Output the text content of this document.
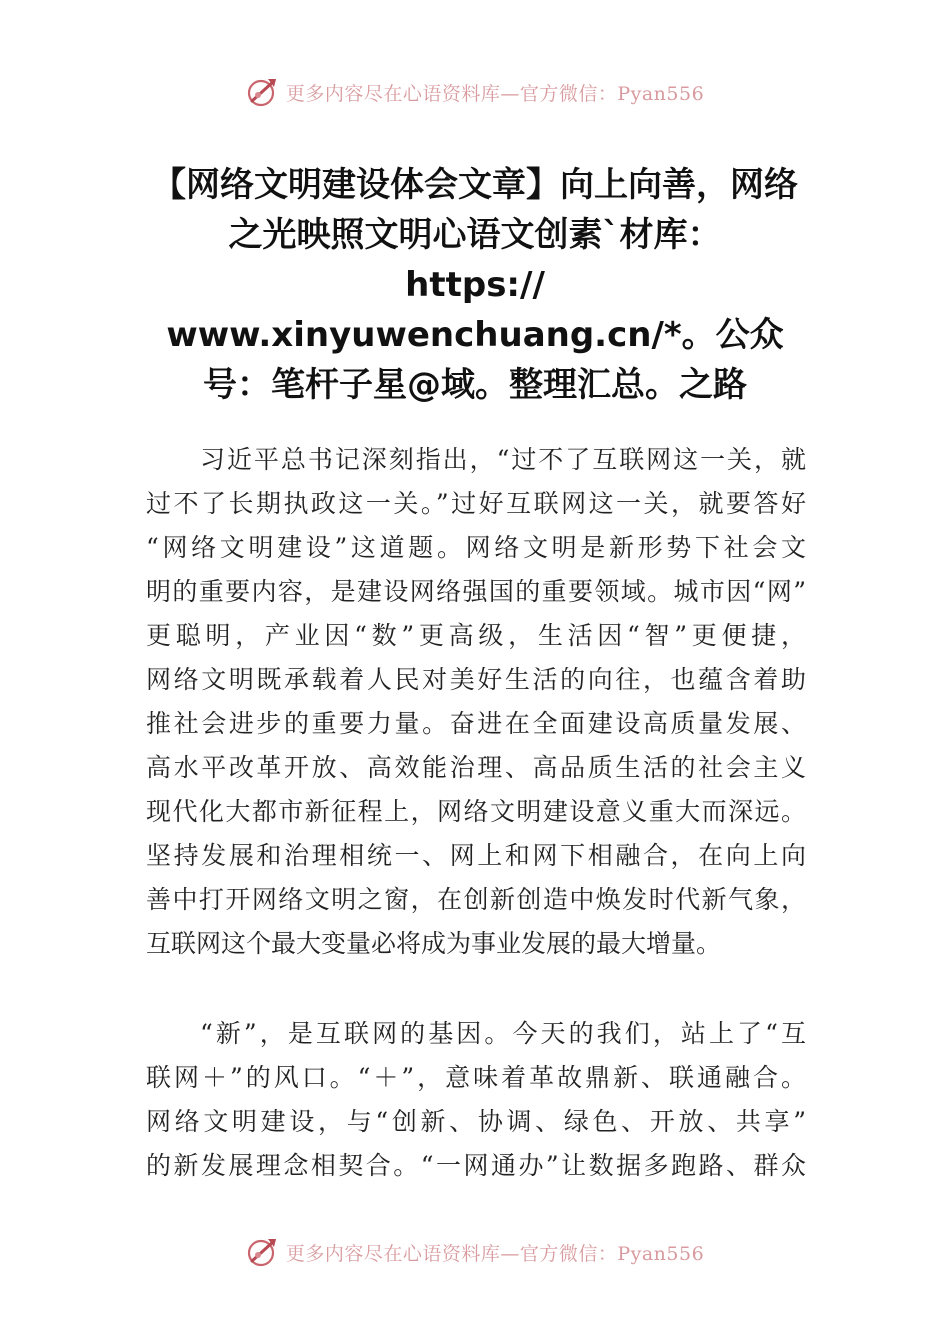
更多内容尽在心语资料库—官方微信：Pyan556
【网络文明建设体会文章】向上向善，网络
之光映照文明心语文创素`材库：
https://
www.xinyuwenchuang.cn/*。公众
号：笔杆子星@域。整理汇总。之路
习近平总书记深刻指出，“过不了互联网这一关，就
过不了长期执政这一关。”过好互联网这一关，就要答好
“网络文明建设”这道题。网络文明是新形势下社会文
明的重要内容，是建设网络强国的重要领域。城市因“网”
更聪明，产业因“数”更高级，生活因“智”更便捷，
网络文明既承载着人民对美好生活的向往，也蕴含着助
推社会进步的重要力量。奋进在全面建设高质量发展、
高水平改革开放、高效能治理、高品质生活的社会主义
现代化大都市新征程上，网络文明建设意义重大而深远。
坚持发展和治理相统一、网上和网下相融合，在向上向
善中打开网络文明之窗，在创新创造中焕发时代新气象，
互联网这个最大变量必将成为事业发展的最大增量。
“新”，是互联网的基因。今天的我们，站上了“互
联网＋”的风口。“＋”，意味着革故鼎新、联通融合。
网络文明建设，与“创新、协调、绿色、开放、共享”
的新发展理念相契合。“一网通办”让数据多跑路、群众
更多内容尽在心语资料库—官方微信：Pyan556
